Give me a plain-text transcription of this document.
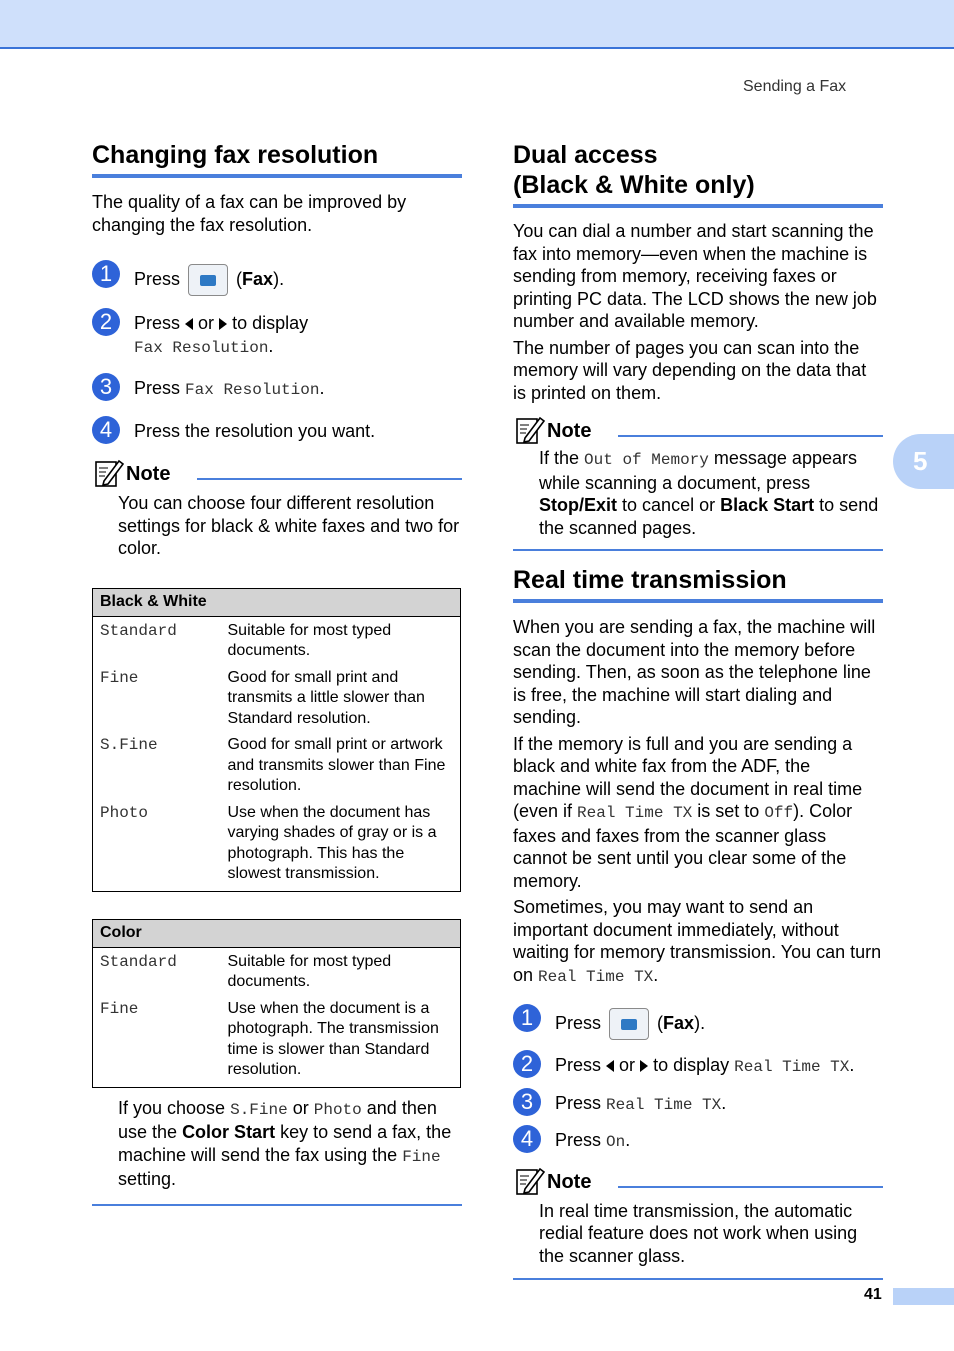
Sending a Fax
5
Changing fax resolution

The quality of a fax can be improved by changing the fax resolution.

1	Press	(Fax).
2	Press or to display
Fax Resolution.
3	Press Fax Resolution.
4	Press the resolution you want.
Note

You can choose four different resolution settings for black & white faxes and two for color.

Black & White	
Standard	Suitable for most typed documents.
Fine	Good for small print and transmits a little slower than Standard resolution.
S.Fine	Good for small print or artwork and transmits slower than Fine resolution.
Photo	Use when the document has varying shades of gray or is a photograph. This has the slowest transmission.
Color	
Standard	Suitable for most typed documents.
Fine	Use when the document is a photograph. The transmission time is slower than Standard resolution.

If you choose S.Fine or Photo and then use the Color Start key to send a fax, the machine will send the fax using the Fine setting.

Dual access
(Black & White only)

You can dial a number and start scanning the fax into memory—even when the machine is sending from memory, receiving faxes or printing PC data. The LCD shows the new job number and available memory.

The number of pages you can scan into the memory will vary depending on the data that is printed on them.

Note

If the Out of Memory message appears while scanning a document, press Stop/Exit to cancel or Black Start to send the scanned pages.

Real time transmission

When you are sending a fax, the machine will scan the document into the memory before sending. Then, as soon as the telephone line is free, the machine will start dialing and sending.

If the memory is full and you are sending a black and white fax from the ADF, the machine will send the document in real time (even if Real Time TX is set to Off). Color faxes and faxes from the scanner glass cannot be sent until you clear some of the memory.

Sometimes, you may want to send an important document immediately, without waiting for memory transmission. You can turn on Real Time TX.

1	Press	(Fax).
2	Press or to display Real Time TX.
3	Press Real Time TX.
4	Press On.
Note

In real time transmission, the automatic redial feature does not work when using the scanner glass.

41
